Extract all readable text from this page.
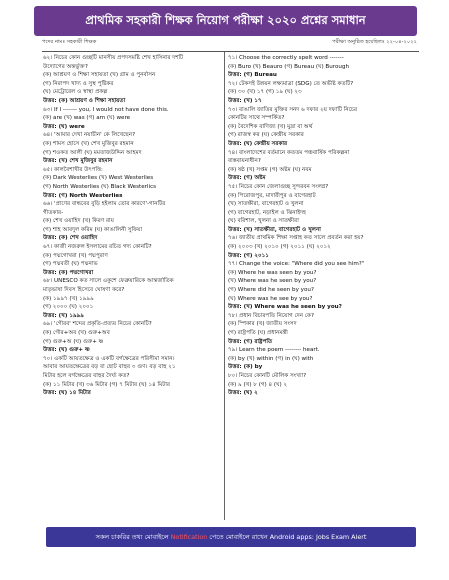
প্রাথমিক সহকারী শিক্ষক নিয়োগ পরীক্ষা ২০২০ প্রশ্নের সমাধান
পদের নামঃ সহকারী শিক্ষক	পরীক্ষা অনুষ্ঠিত হয়েছিলঃ ২২-০৪-২০২২
৬২। নিচের কোন গুচ্ছটি মানসীয় প্রপদসমষ্টি শেখ হাসিনার দশটি
উদ্যোগের অন্তর্ভুক্ত?
(ক) আশ্রয়ণ ও শিক্ষা সহায়তা (খ) গ্রাম ও পুনর্বাসন
(গ) নিরাপদ খাদ্য ও সুস্থ পুষ্টিকর
(ঘ) মেট্রোরেল ও স্বাস্থ্য প্রকল্প
উত্তর: (ক) আশ্রয়ণ ও শিক্ষা সহায়তা
৬৩। If I ------- you, I would not have done this.
(ক) are (খ) was (গ) am (ঘ) were
উত্তর: (ঘ) were
৬৪। 'আমার দেখা নয়াচীন' কে লিখেছেন?
(ক) শামস হোসে (খ) শেখ মুজিবুর রহমান
(গ) শওকত আলী (ঘ) মমতাজউদ্দিন আহমদ
উত্তর: (খ) শেখ মুজিবুর রহমান
৬৫। কালবৈশাখীর উৎপত্তি:
(ক) Dark Westerlies (খ) West Westerlies
(গ) North Westerlies (ঘ) Black Westerlics
উত্তর: (গ) North Westerlies
৬৬। 'প্রাণের বান্ধবের বুড়ি হইলাম তোর কারণে'-গানটির
গীতকার-
(ক) শেখ ওয়াহিদ (খ) কিরণ রায়
(গ) শাহ আবদুল করিম (ঘ) কাঙালিনী সুফিয়া
উত্তর: (ক) শেখ ওয়াহিদ
৬৭। কাজী নজরুল ইসলামের রচিত গদ্য কোনটি?
(ক) পদ্মগোখরা (খ) পদ্মপুরাণ
(গ) পদ্মবতী (ঘ) পদ্মনাভ
উত্তর: (ক) পদ্মগোখরা
৬৮। UNESCO কত সালে একুশে ফেব্রুয়ারিকে আন্তর্জাতিক
মাতৃভাষা দিবস হিসেবে ঘোষণা করে?
(ক) ১৯৯৭ (খ) ১৯৯৯
(গ) ২০০০ (ঘ) ২০০১
উত্তর: (খ) ১৯৯৯
৬৯। 'গৌরব' শব্দের প্রকৃতি-প্রত্যয় নিচের কোনটি?
(ক) গৌর+অব (খ) গুরু+অব
(গ) গুরু+অ (ঘ) গুরু+ ষ্ণ
উত্তর: (ঘ) গুরু+ ষ্ণ
৭০। একটি আয়তক্ষেত্র ও একটি বর্গক্ষেত্রের পরিসীমা সমান।
আবার আয়তক্ষেত্রের বড় বা ছোট বাহুর ৩ গুণ। বড় বাহু ২১
মিটার হলে বর্গক্ষেত্রের বাহুর দৈর্ঘ্য কত?
(ক) ১১ মিটার (খ) ৩৬ মিটার (গ) ৭ মিটার (ঘ) ১৪ মিটার
উত্তর: (ঘ) ১৪ মিটার
৭১। Choose the correctly spelt word -------
(ক) Buro (খ) Beauro (গ) Bureau (ঘ) Burough
উত্তর: (গ) Bureau
৭২। টেকসই উন্নয়ন লক্ষ্যমাত্রা (SDG) তে অভীষ্ট কতটি?
(ক) ৩০ (খ) ১৭ (গ) ১৯ (ঘ) ২৩
উত্তর: (খ) ১৭
৭৩। বাঙালি জাতির মুক্তির সনদ ৬ দফার ২য় দফাটি নিচের
কোনটির সাথে সম্পর্কিত?
(ক) বৈদেশিক বাণিজ্য (খ) মুদ্রা বা অর্থ
(গ) রাজস্ব কর (ঘ) কেন্দ্রীয় সরকার
উত্তর: (ঘ) কেন্দ্রীয় সরকার
৭৪। বাংলাদেশের বর্তমানে কততম পঞ্চবার্ষিক পরিকল্পনা
বাস্তবায়নাধীন?
(ক) ষষ্ঠ (খ) সপ্তম (গ) অষ্টম (ঘ) নবম
উত্তর: (গ) অষ্টম
৭৫। নিচের কোন জেলাগুচ্ছ সুন্দরবন সংলগ্ন?
(ক) পিরোজপুর, মাদারীপুর ও বাগেরহাট
(খ) সাতক্ষীরা, বাগেরহাট ও খুলনা
(গ) বাগেরহাট, নড়াইল ও ঝিনাইদহ
(ঘ) বরিশাল, খুলনা ও সাতক্ষীরা
উত্তর: (খ) সাতক্ষীরা, বাগেরহাট ও খুলনা
৭৬। জাতীয় প্রাথমিক শিক্ষা সপ্তাহ কত সালে প্রবর্তন করা হয়?
(ক) ২০০৩ (খ) ২০১০ (গ) ২০১১ (ঘ) ২০১২
উত্তর: (গ) ২০১১
৭৭। Change the voice: "Where did you see him?"
(ক) Where he was seen by you?
(খ) Where was he seen by you?
(গ) Where did he seen by you?
(ঘ) Where was he see by you?
উত্তর: (খ) Where was he seen by you?
৭৮। প্রধান বিচারপতি নিয়োগ দেন কে?
(ক) স্পিকার (খ) জাতীয় সংসদ
(গ) রাষ্ট্রপতি (ঘ) প্রধানমন্ত্রী
উত্তর: (গ) রাষ্ট্রপতি
৭৯। Learn the poem -------- heart.
(ক) by (খ) within (গ) in (ঘ) with
উত্তর: (ক) by
৮০। নিচের কোনটি মৌলিক সংখ্যা?
(ক) ৯ (খ) ৮ (গ) ৪ (ঘ) ২
উত্তর: (ঘ) ২
সকল চাকরির তথ্য মোবাইলে Notification পেতে মোবাইলে রাখেন Android apps: Jobs Exam Alert
